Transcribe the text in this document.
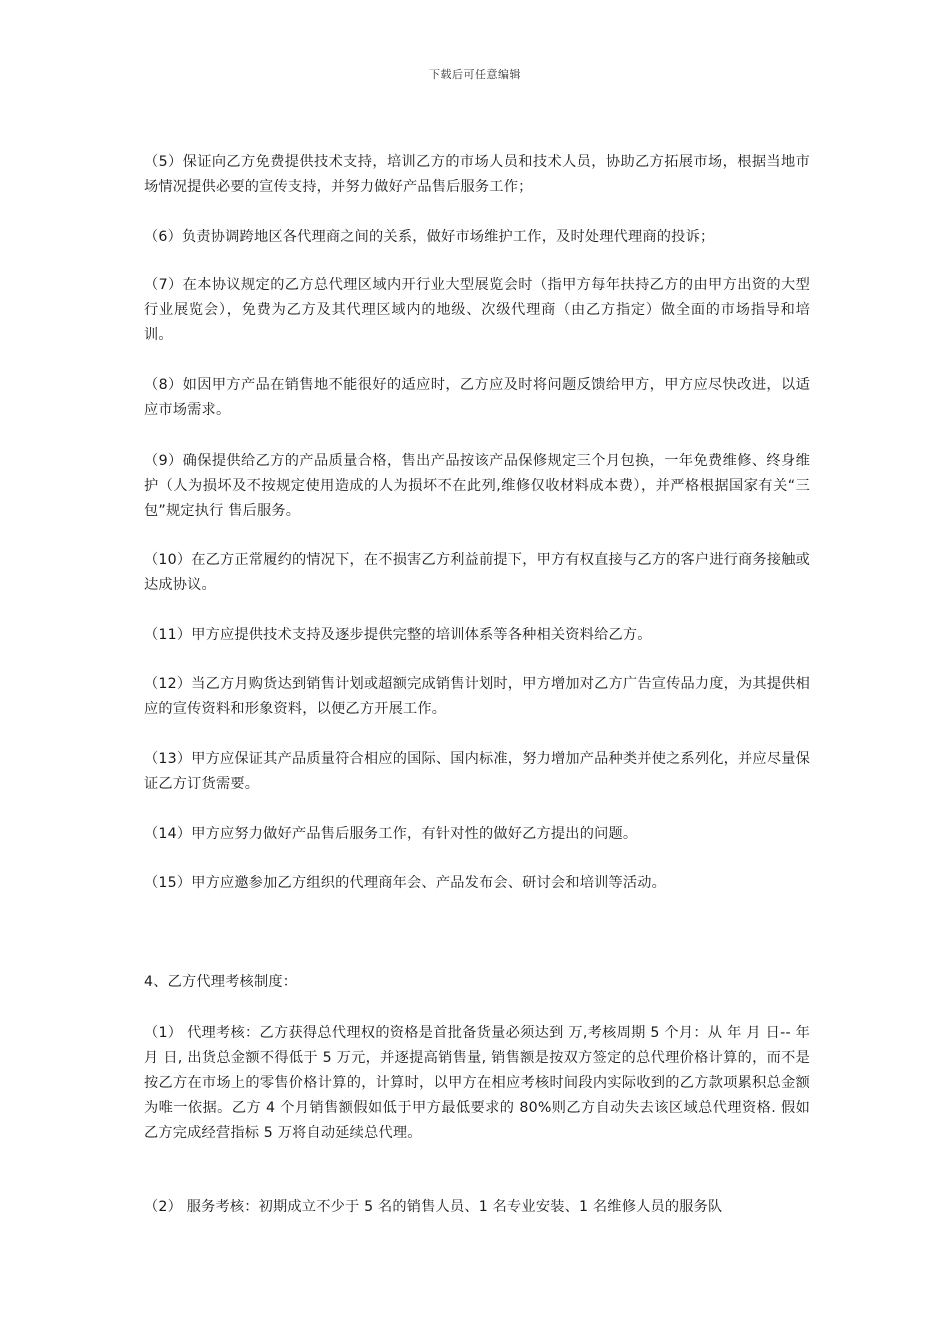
下载后可任意编辑

（5）保证向乙方免费提供技术支持，培训乙方的市场人员和技术人员，协助乙方拓展市场，根据当地市场情况提供必要的宣传支持，并努力做好产品售后服务工作；

（6）负责协调跨地区各代理商之间的关系，做好市场维护工作，及时处理代理商的投诉；

（7）在本协议规定的乙方总代理区域内开行业大型展览会时（指甲方每年扶持乙方的由甲方出资的大型行业展览会），免费为乙方及其代理区域内的地级、次级代理商（由乙方指定）做全面的市场指导和培训。

（8）如因甲方产品在销售地不能很好的适应时，乙方应及时将问题反馈给甲方，甲方应尽快改进，以适应市场需求。

（9）确保提供给乙方的产品质量合格，售出产品按该产品保修规定三个月包换，一年免费维修、终身维护（人为损坏及不按规定使用造成的人为损坏不在此列,维修仅收材料成本费），并严格根据国家有关“三包”规定执行 售后服务。

（10）在乙方正常履约的情况下，在不损害乙方利益前提下，甲方有权直接与乙方的客户进行商务接触或达成协议。

（11）甲方应提供技术支持及逐步提供完整的培训体系等各种相关资料给乙方。

（12）当乙方月购货达到销售计划或超额完成销售计划时，甲方增加对乙方广告宣传品力度，为其提供相应的宣传资料和形象资料，以便乙方开展工作。

（13）甲方应保证其产品质量符合相应的国际、国内标准，努力增加产品种类并使之系列化，并应尽量保证乙方订货需要。

（14）甲方应努力做好产品售后服务工作，有针对性的做好乙方提出的问题。

（15）甲方应邀参加乙方组织的代理商年会、产品发布会、研讨会和培训等活动。

4、乙方代理考核制度：

（1） 代理考核：乙方获得总代理权的资格是首批备货量必须达到 万,考核周期 5 个月：从 年 月 日-- 年 月 日, 出货总金额不得低于 5 万元，并逐提高销售量, 销售额是按双方签定的总代理价格计算的，而不是按乙方在市场上的零售价格计算的，计算时，以甲方在相应考核时间段内实际收到的乙方款项累积总金额为唯一依据。乙方 4 个月销售额假如低于甲方最低要求的 80%则乙方自动失去该区域总代理资格. 假如乙方完成经营指标 5 万将自动延续总代理。

（2） 服务考核：初期成立不少于 5 名的销售人员、1 名专业安装、1 名维修人员的服务队
